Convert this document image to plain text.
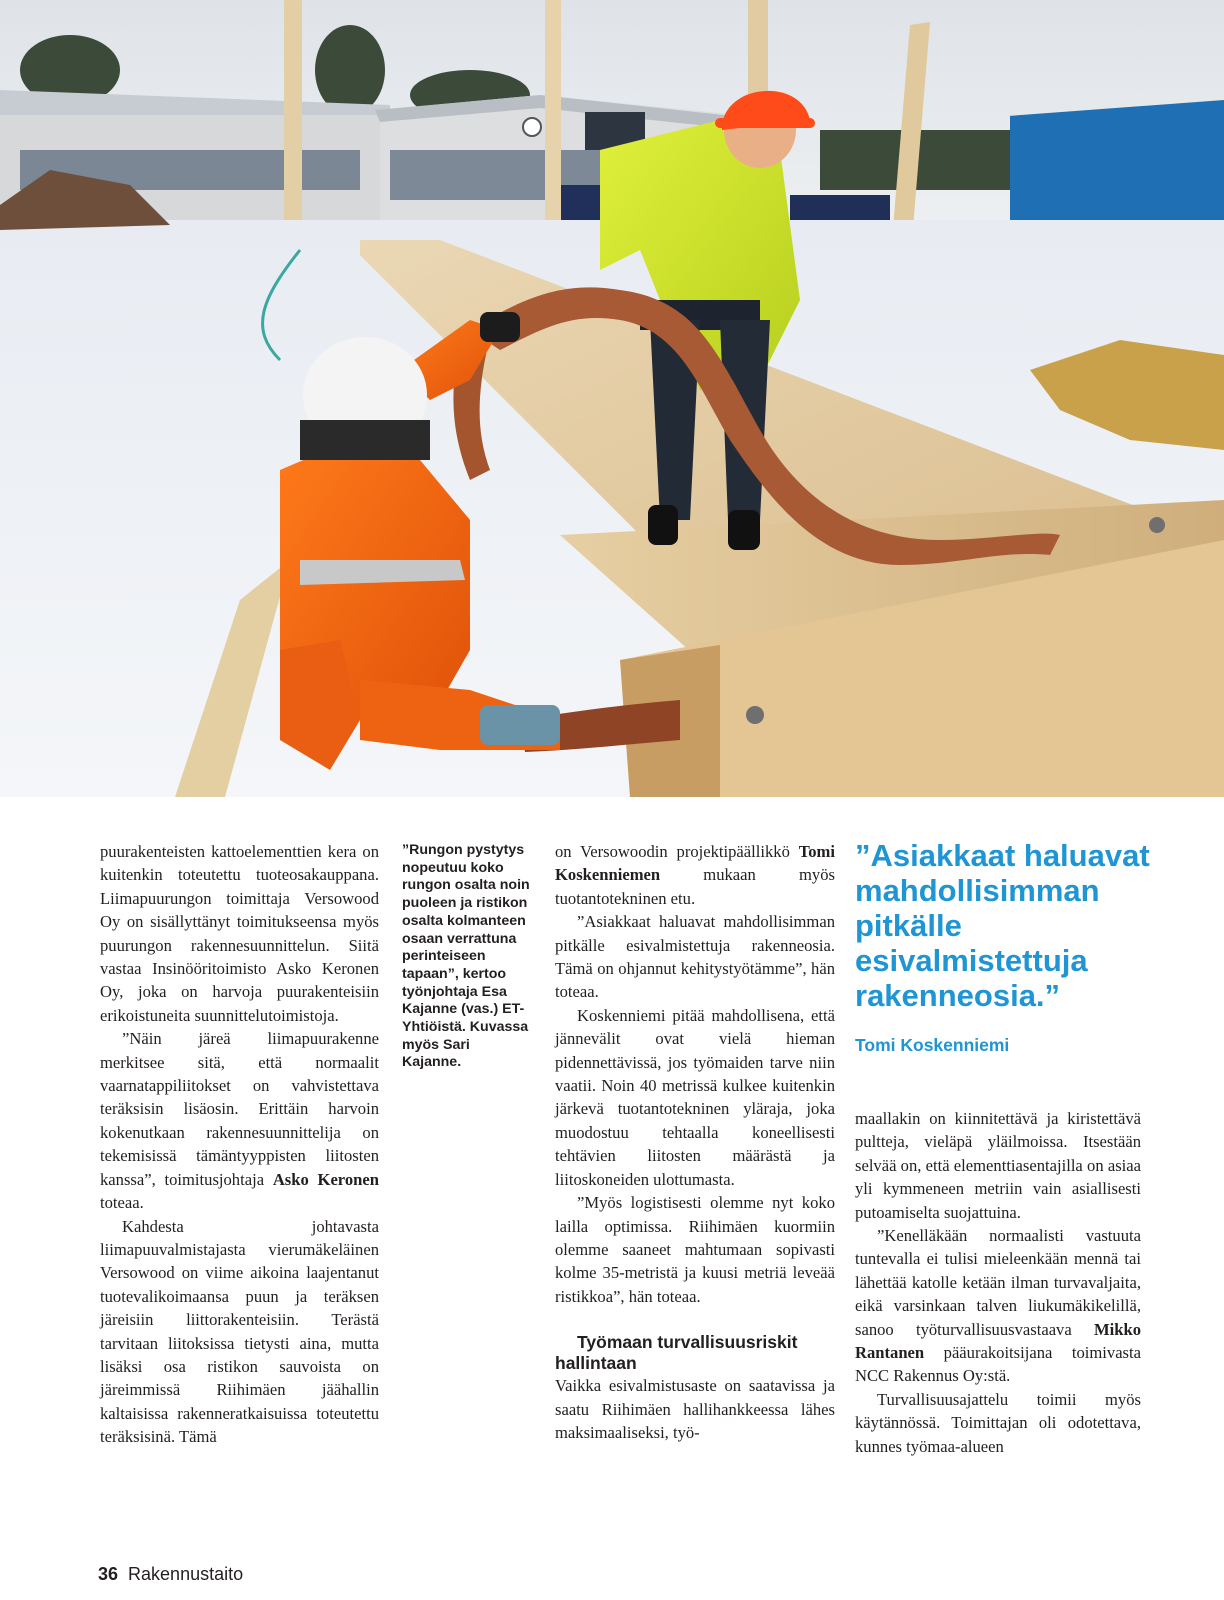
puurakenteisten kattoelementtien kera on kuitenkin toteutettu tuoteosakauppana. Liimapuurungon toimittaja Versowood Oy on sisällyttänyt toimitukseensa myös puurungon rakennesuunnittelun. Siitä vastaa Insinööritoimisto Asko Keronen Oy, joka on harvoja puurakenteisiin erikoistuneita suunnittelutoimistoja.

”Näin järeä liimapuurakenne merkitsee sitä, että normaalit vaarnatappiliitokset on vahvistettava teräksisin lisäosin. Erittäin harvoin kokenutkaan rakennesuunnittelija on tekemisissä tämäntyyppisten liitosten kanssa”, toimitusjohtaja Asko Keronen toteaa.

Kahdesta johtavasta liimapuuvalmistajasta vierumäkeläinen Versowood on viime aikoina laajentanut tuotevalikoimaansa puun ja teräksen järeisiin liittorakenteisiin. Terästä tarvitaan liitoksissa tietysti aina, mutta lisäksi osa ristikon sauvoista on järeimmissä Riihimäen jäähallin kaltaisissa rakenneratkaisuissa toteutettu teräksisinä. Tämä

”Rungon pystytys nopeutuu koko rungon osalta noin puoleen ja ristikon osalta kolmanteen osaan verrattuna perinteiseen tapaan”, kertoo työnjohtaja Esa Kajanne (vas.) ET-Yhtiöistä. Kuvassa myös Sari Kajanne.

on Versowoodin projektipäällikkö Tomi Koskenniemen mukaan myös tuotantotekninen etu.

”Asiakkaat haluavat mahdollisimman pitkälle esivalmistettuja rakenneosia. Tämä on ohjannut kehitystyötämme”, hän toteaa.

Koskenniemi pitää mahdollisena, että jännevälit ovat vielä hieman pidennettävissä, jos työmaiden tarve niin vaatii. Noin 40 metrissä kulkee kuitenkin järkevä tuotantotekninen yläraja, joka muodostuu tehtaalla koneellisesti tehtävien liitosten määrästä ja liitoskoneiden ulottumasta.

”Myös logistisesti olemme nyt koko lailla optimissa. Riihimäen kuormiin olemme saaneet mahtumaan sopivasti kolme 35-metristä ja kuusi metriä leveää ristikkoa”, hän toteaa.

Työmaan turvallisuusriskit hallintaan

Vaikka esivalmistusaste on saatavissa ja saatu Riihimäen hallihankkeessa lähes maksimaaliseksi, työ-

”Asiakkaat haluavat mahdollisimman pitkälle esivalmistettuja rakenneosia.”
Tomi Koskenniemi

maallakin on kiinnitettävä ja kiristettävä pultteja, vieläpä yläilmoissa. Itsestään selvää on, että elementtiasentajilla on asiaa yli kymmeneen metriin vain asiallisesti putoamiselta suojattuina.

”Kenelläkään normaalisti vastuuta tuntevalla ei tulisi mieleenkään mennä tai lähettää katolle ketään ilman turvavaljaita, eikä varsinkaan talven liukumäkikelillä, sanoo työturvallisuusvastaava Mikko Rantanen pääurakoitsijana toimivasta NCC Rakennus Oy:stä.

Turvallisuusajattelu toimii myös käytännössä. Toimittajan oli odotettava, kunnes työmaa-alueen

36 Rakennustaito
